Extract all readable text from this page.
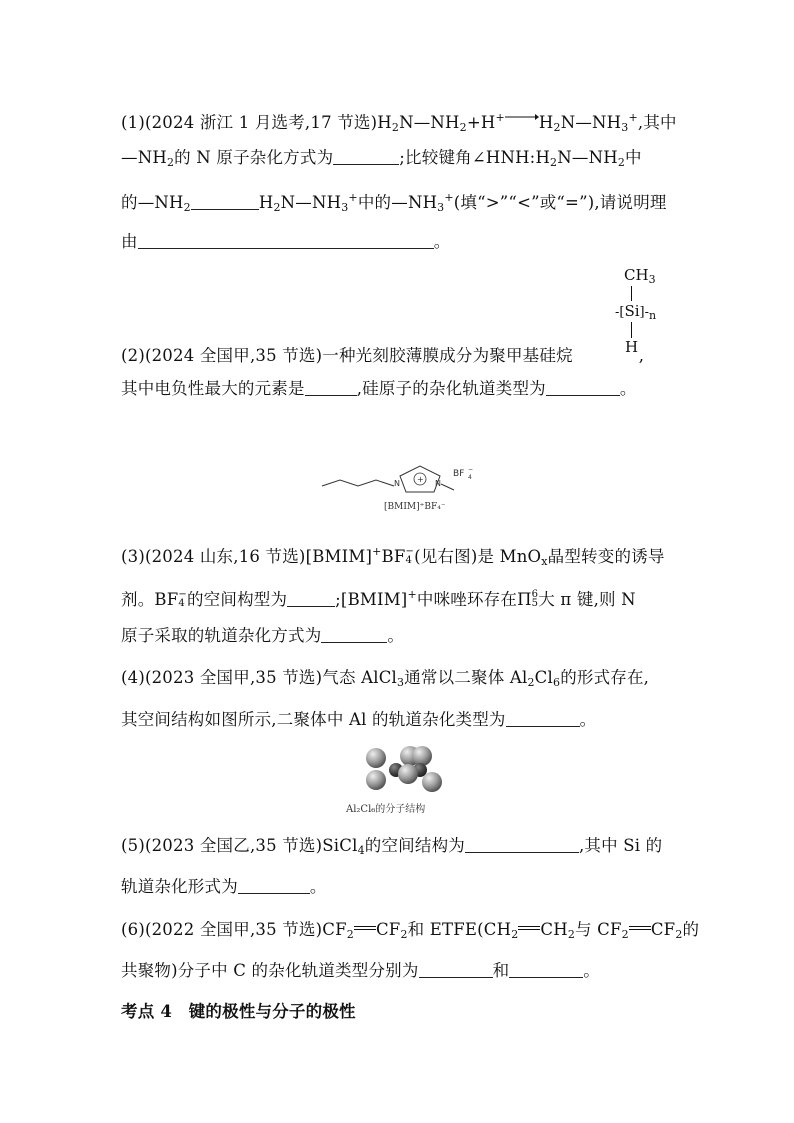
(1)(2024 浙江 1 月选考,17 节选)$H_2N—NH_2+H^+\to H_2N—NH_3^+$,其中
$—NH_2$的 N 原子杂化方式为	;比较键角$\angle HNH:H_2N—NH_2$中
的$—NH_2$	$H_2N—NH_3^+$中的$—NH_3^+$(填“>”“<”或“=”),请说明理
由	。
$CH_3$
$-[Si]-_n$
H
(2)(2024 全国甲,35 节选)一种光刻胶薄膜成分为聚甲基硅烷	,
其中电负性最大的元素是	,硅原子的杂化轨道类型为	。
+
N	N
BF 4
−
[BMIM]⁺BF₄⁻
(3)(2024 山东,16 节选)[BMIM]+BF−
4 (见右图)是 MnO$_x$晶型转变的诱导
剂。BF−
4 的空间构型为	;[BMIM]+中咪唑环存在Π6
5大 π 键,则 N
原子采取的轨道杂化方式为	。
(4)(2023 全国甲,35 节选)气态 AlCl$_3$通常以二聚体 $Al_2Cl_6$的形式存在,
其空间结构如图所示,二聚体中 Al 的轨道杂化类型为	。
Al₂Cl₆的分子结构
(5)(2023 全国乙,35 节选)SiCl$_4$的空间结构为	,其中 Si 的
轨道杂化形式为	。
(6)(2022 全国甲,35 节选)$CF_2$ $CF_2$和 $ETFE(CH_2$ $CH_2$与 $CF_2$ $CF_2$的
共聚物)分子中 C 的杂化轨道类型分别为	和	。
考点 4　键的极性与分子的极性
